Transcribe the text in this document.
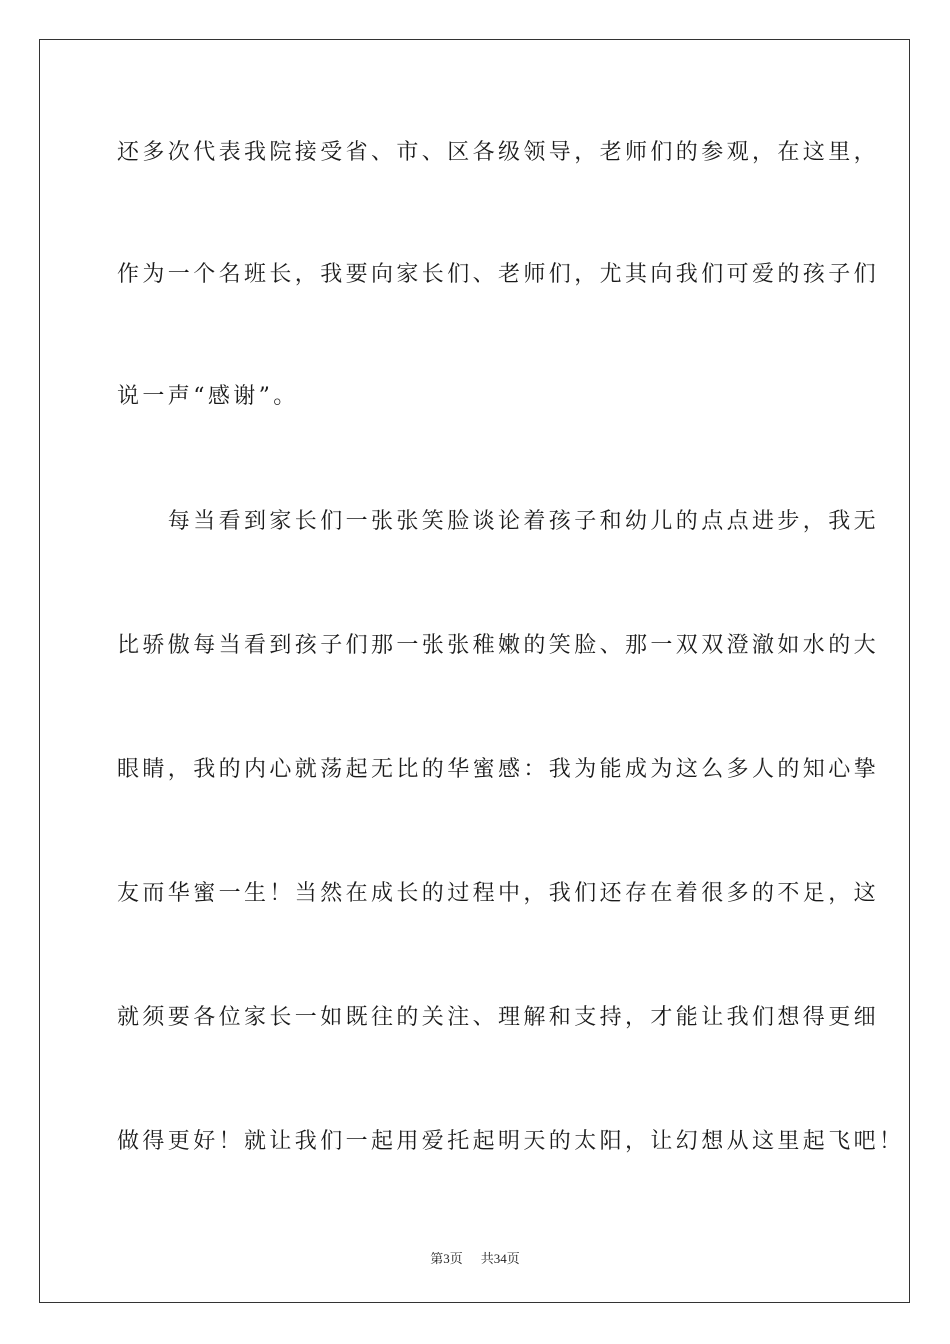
还多次代表我院接受省、市、区各级领导，老师们的参观，在这里，
作为一个名班长，我要向家长们、老师们，尤其向我们可爱的孩子们
说一声“感谢”。
　　每当看到家长们一张张笑脸谈论着孩子和幼儿的点点进步，我无
比骄傲每当看到孩子们那一张张稚嫩的笑脸、那一双双澄澈如水的大
眼睛，我的内心就荡起无比的华蜜感：我为能成为这么多人的知心挚
友而华蜜一生！当然在成长的过程中，我们还存在着很多的不足，这
就须要各位家长一如既往的关注、理解和支持，才能让我们想得更细
做得更好！就让我们一起用爱托起明天的太阳，让幻想从这里起飞吧！
第3页 共34页
